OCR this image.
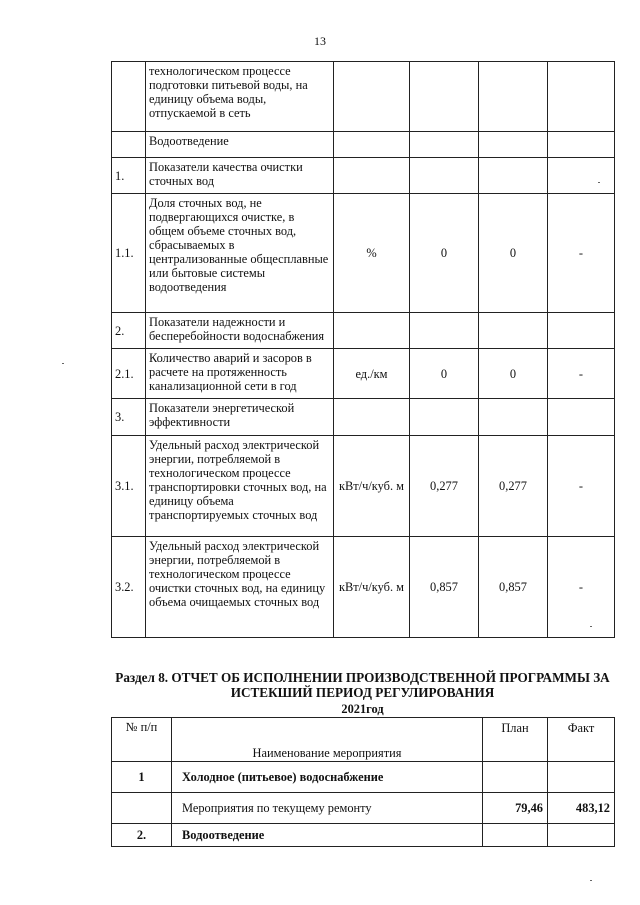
13
	технологическом процессе подготовки питьевой воды, на единицу объема воды, отпускаемой в сеть				
	Водоотведение				
1.	Показатели качества очистки сточных вод				
1.1.	Доля сточных вод, не подвергающихся очистке, в общем объеме сточных вод, сбрасываемых в централизованные общесплавные или бытовые системы водоотведения	%	0	0	-
2.	Показатели надежности и бесперебойности водоснабжения				
2.1.	Количество аварий и засоров в расчете на протяженность канализационной сети в год	ед./км	0	0	-
3.	Показатели энергетической эффективности				
3.1.	Удельный расход электрической энергии, потребляемой в технологическом процессе транспортировки сточных вод, на единицу объема транспортируемых сточных вод	кВт/ч/куб. м	0,277	0,277	-
3.2.	Удельный расход электрической энергии, потребляемой в технологическом процессе очистки сточных вод, на единицу объема очищаемых сточных вод	кВт/ч/куб. м	0,857	0,857	-
Раздел 8. ОТЧЕТ ОБ ИСПОЛНЕНИИ ПРОИЗВОДСТВЕННОЙ ПРОГРАММЫ ЗА ИСТЕКШИЙ ПЕРИОД РЕГУЛИРОВАНИЯ
2021год
№ п/п	Наименование мероприятия	План	Факт
1	Холодное (питьевое) водоснабжение		
	Мероприятия по текущему ремонту	79,46	483,12
2.	Водоотведение		
